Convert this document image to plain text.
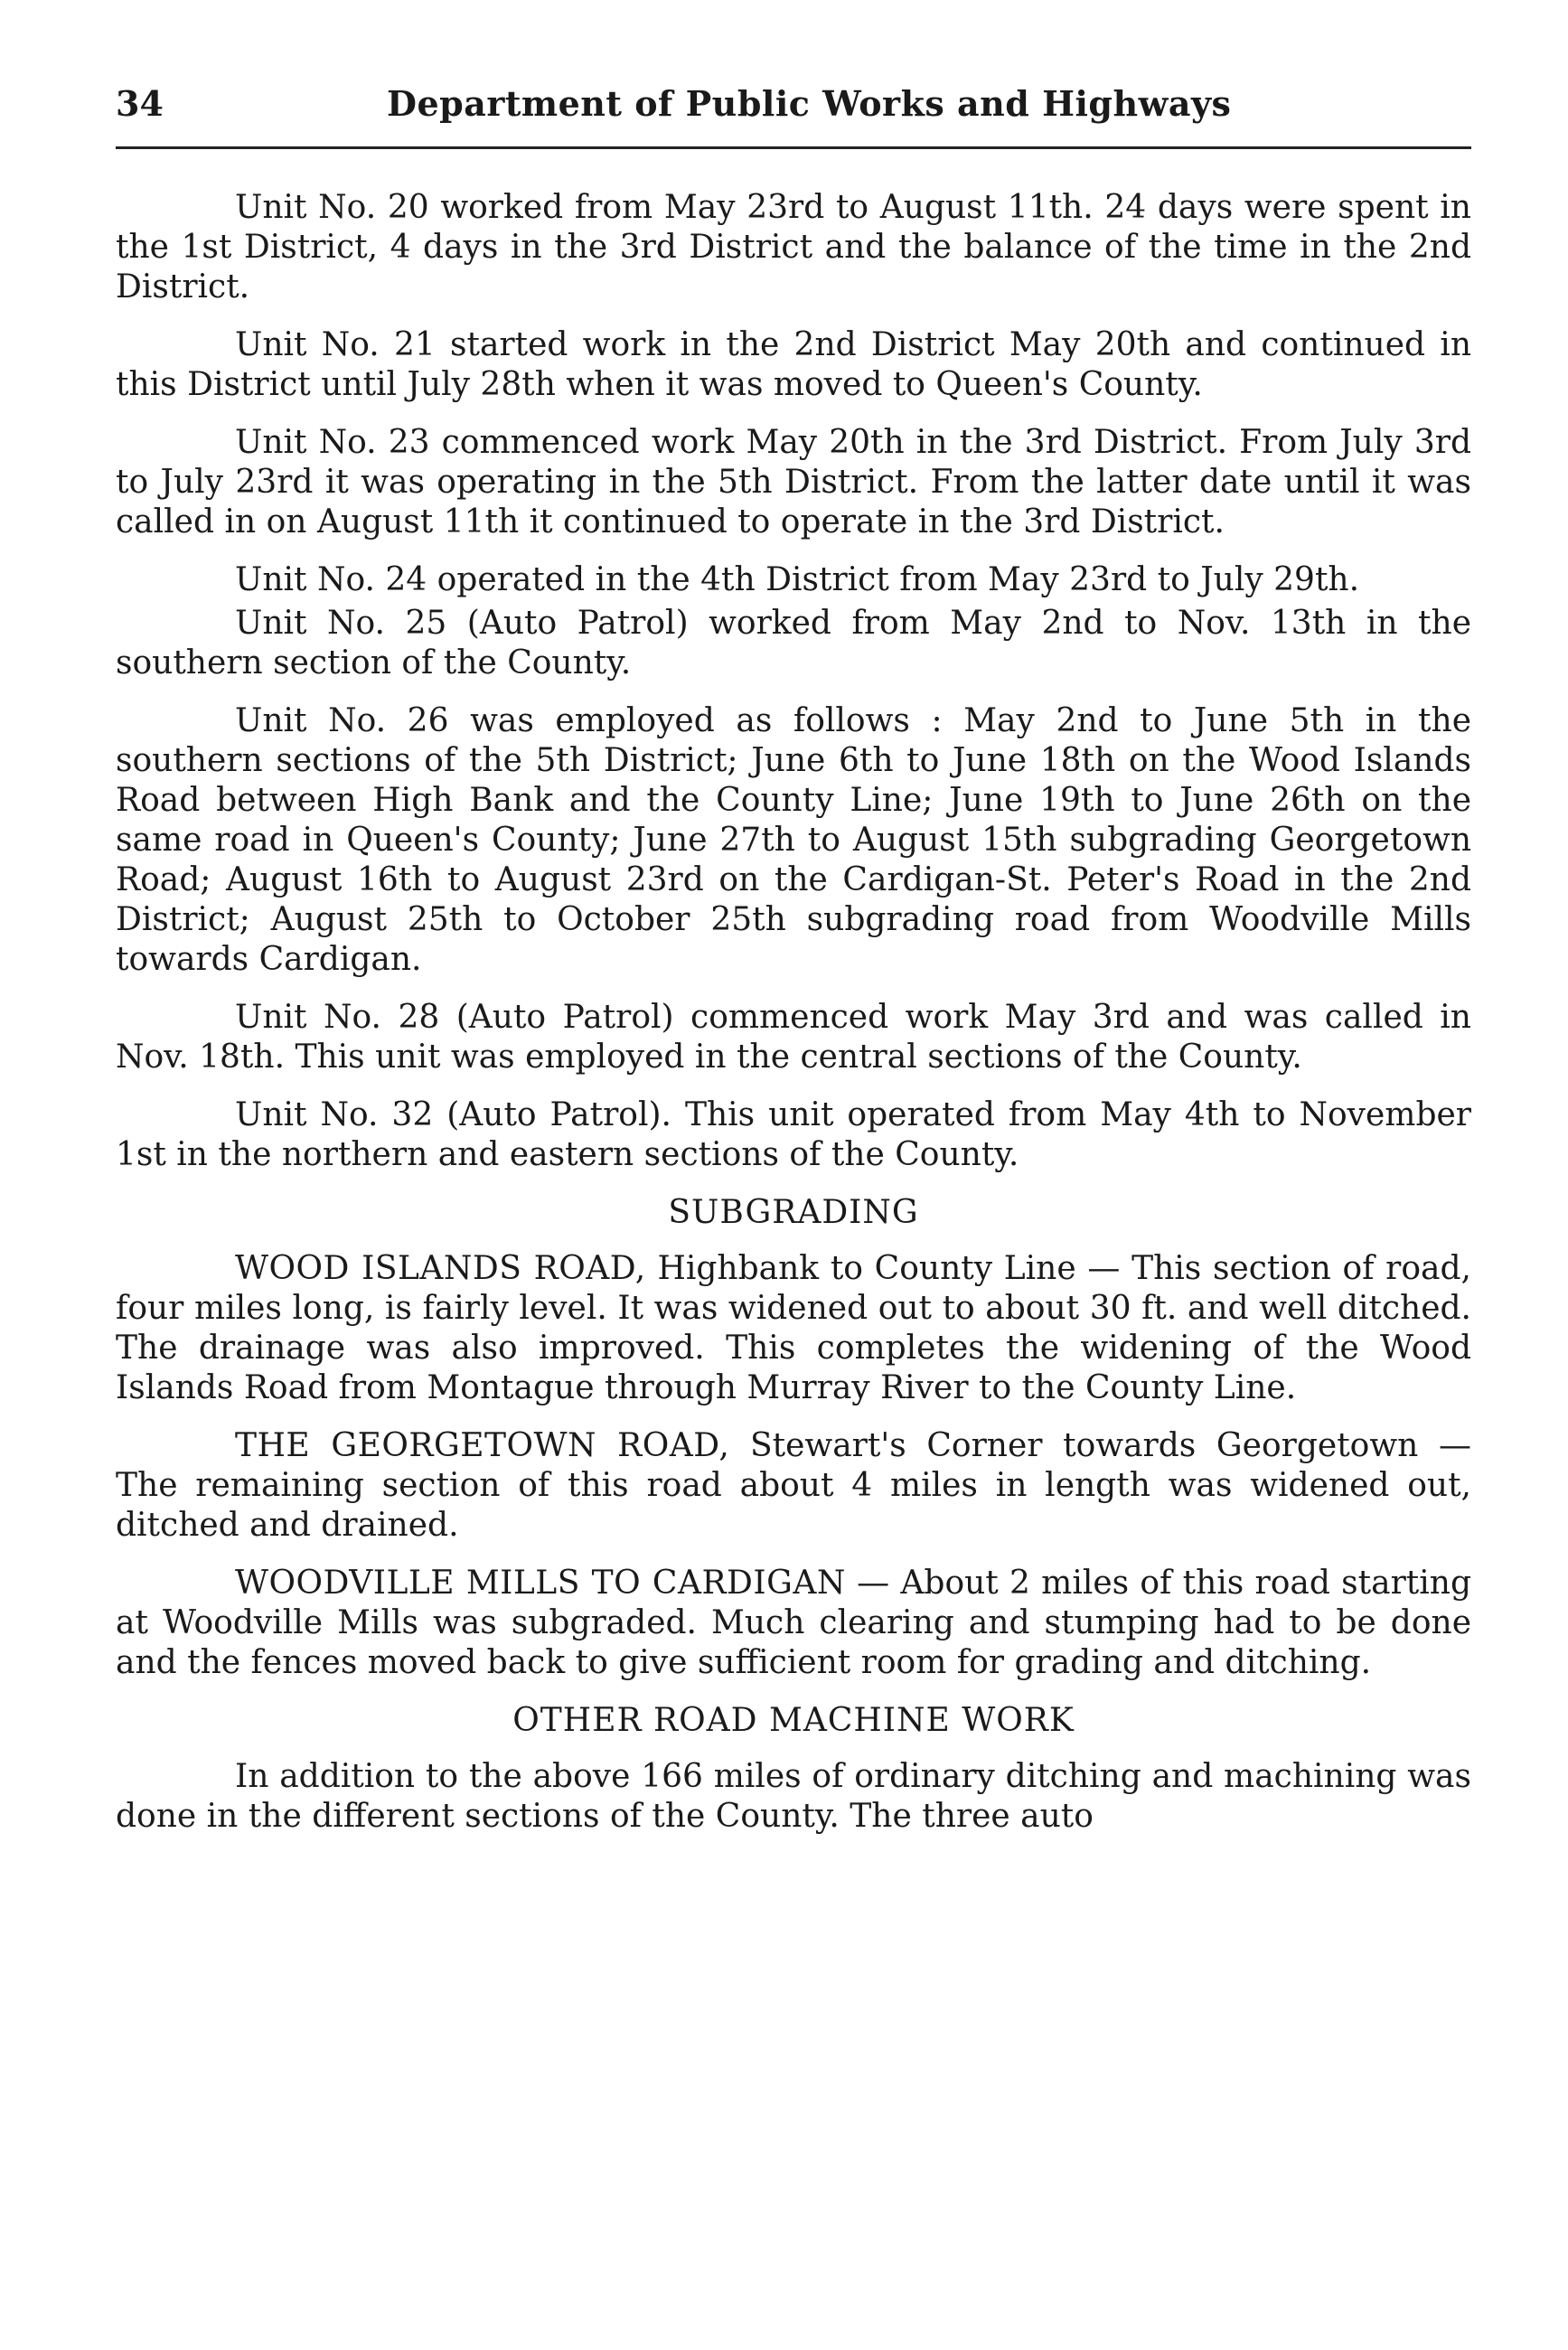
34	Department of Public Works and Highways

Unit No. 20 worked from May 23rd to August 11th. 24 days were spent in the 1st District, 4 days in the 3rd District and the balance of the time in the 2nd District.

Unit No. 21 started work in the 2nd District May 20th and continued in this District until July 28th when it was moved to Queen's County.

Unit No. 23 commenced work May 20th in the 3rd District. From July 3rd to July 23rd it was operating in the 5th District. From the latter date until it was called in on August 11th it continued to operate in the 3rd District.

Unit No. 24 operated in the 4th District from May 23rd to July 29th.

Unit No. 25 (Auto Patrol) worked from May 2nd to Nov. 13th in the southern section of the County.

Unit No. 26 was employed as follows : May 2nd to June 5th in the southern sections of the 5th District; June 6th to June 18th on the Wood Islands Road between High Bank and the County Line; June 19th to June 26th on the same road in Queen's County; June 27th to August 15th subgrading Georgetown Road; August 16th to August 23rd on the Cardigan-St. Peter's Road in the 2nd District; August 25th to October 25th subgrading road from Woodville Mills towards Cardigan.

Unit No. 28 (Auto Patrol) commenced work May 3rd and was called in Nov. 18th. This unit was employed in the central sections of the County.

Unit No. 32 (Auto Patrol). This unit operated from May 4th to November 1st in the northern and eastern sections of the County.

SUBGRADING

WOOD ISLANDS ROAD, Highbank to County Line — This section of road, four miles long, is fairly level. It was widened out to about 30 ft. and well ditched. The drainage was also improved. This completes the widening of the Wood Islands Road from Montague through Murray River to the County Line.

THE GEORGETOWN ROAD, Stewart's Corner towards Georgetown — The remaining section of this road about 4 miles in length was widened out, ditched and drained.

WOODVILLE MILLS TO CARDIGAN — About 2 miles of this road starting at Woodville Mills was subgraded. Much clearing and stumping had to be done and the fences moved back to give sufficient room for grading and ditching.

OTHER ROAD MACHINE WORK

In addition to the above 166 miles of ordinary ditching and machining was done in the different sections of the County. The three auto
